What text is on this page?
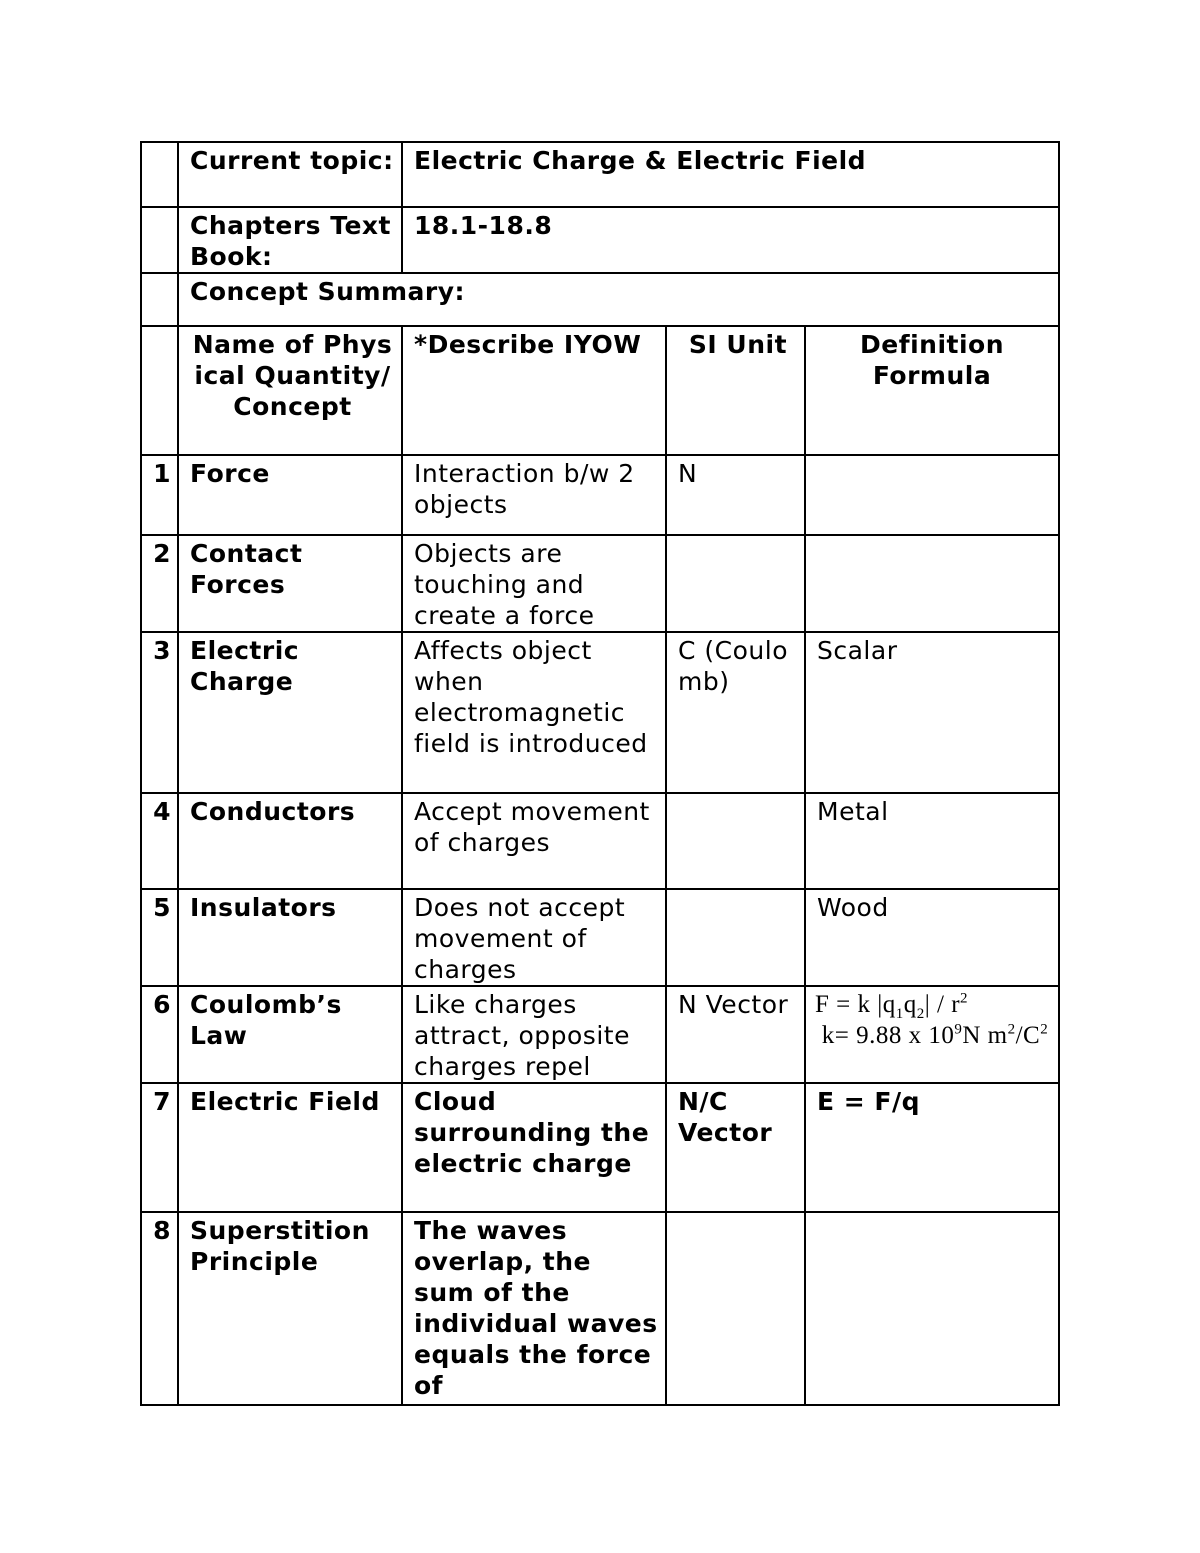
	Current topic:	Electric Charge & Electric Field		
	Chapters Text Book:	18.1-18.8		
	Concept Summary:			
	Name of Physical Quantity/Concept	*Describe IYOW	SI Unit	Definition Formula
1	Force	Interaction b/w 2 objects	N	
2	Contact Forces	Objects are touching and create a force		
3	Electric Charge	Affects object when electromagnetic field is introduced	C (Coulomb)	Scalar
4	Conductors	Accept movement of charges		Metal
5	Insulators	Does not accept movement of charges		Wood
6	Coulomb’s Law	Like charges attract, opposite charges repel	N Vector	F = k $|q_1q_2| / r^2$
k= 9.88 x $10^9N$ $m^2/C^2$

7	Electric Field	Cloud surrounding the electric charge	N/C Vector	E = F/q
8	Superstition Principle	The waves overlap, the sum of the individual waves equals the force of		
